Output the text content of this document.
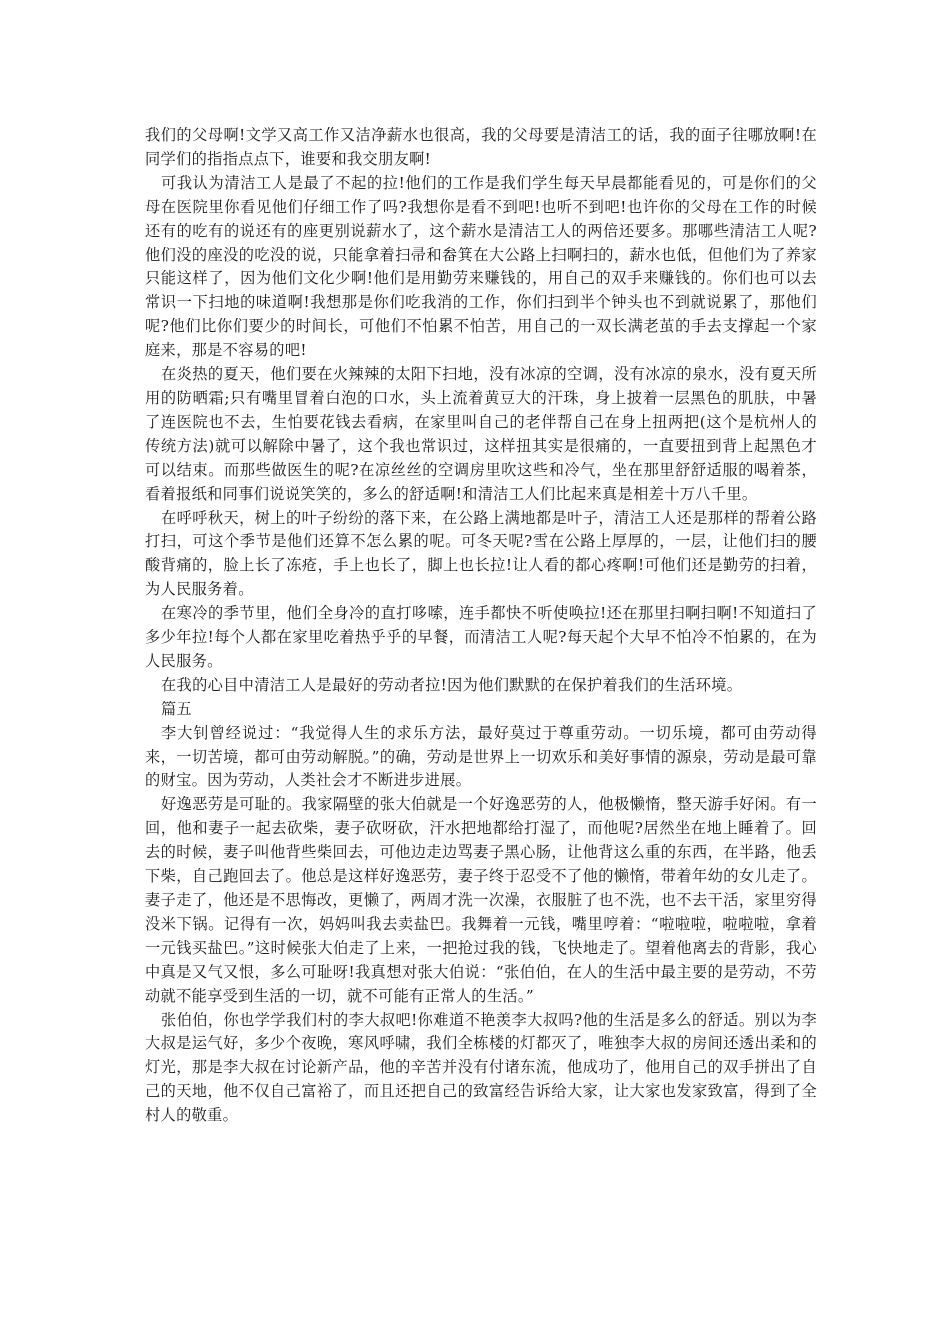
我们的父母啊!文学又高工作又洁净薪水也很高，我的父母要是清洁工的话，我的面子往哪放啊!在同学们的指指点点下，谁要和我交朋友啊!

可我认为清洁工人是最了不起的拉!他们的工作是我们学生每天早晨都能看见的，可是你们的父母在医院里你看见他们仔细工作了吗?我想你是看不到吧!也听不到吧!也许你的父母在工作的时候还有的吃有的说还有的座更别说薪水了，这个薪水是清洁工人的两倍还要多。那哪些清洁工人呢?他们没的座没的吃没的说，只能拿着扫帚和畚箕在大公路上扫啊扫的，薪水也低，但他们为了养家只能这样了，因为他们文化少啊!他们是用勤劳来赚钱的，用自己的双手来赚钱的。你们也可以去常识一下扫地的味道啊!我想那是你们吃我消的工作，你们扫到半个钟头也不到就说累了，那他们呢?他们比你们要少的时间长，可他们不怕累不怕苦，用自己的一双长满老茧的手去支撑起一个家庭来，那是不容易的吧!

在炎热的夏天，他们要在火辣辣的太阳下扫地，没有冰凉的空调，没有冰凉的泉水，没有夏天所用的防晒霜;只有嘴里冒着白泡的口水，头上流着黄豆大的汗珠，身上披着一层黑色的肌肤，中暑了连医院也不去，生怕要花钱去看病，在家里叫自己的老伴帮自己在身上扭两把(这个是杭州人的传统方法)就可以解除中暑了，这个我也常识过，这样扭其实是很痛的，一直要扭到背上起黑色才可以结束。而那些做医生的呢?在凉丝丝的空调房里吹这些和冷气，坐在那里舒舒适服的喝着茶，看着报纸和同事们说说笑笑的，多么的舒适啊!和清洁工人们比起来真是相差十万八千里。

在呼呼秋天，树上的叶子纷纷的落下来，在公路上满地都是叶子，清洁工人还是那样的帮着公路打扫，可这个季节是他们还算不怎么累的呢。可冬天呢?雪在公路上厚厚的，一层，让他们扫的腰酸背痛的，脸上长了冻疮，手上也长了，脚上也长拉!让人看的都心疼啊!可他们还是勤劳的扫着，为人民服务着。

在寒冷的季节里，他们全身冷的直打哆嗦，连手都快不听使唤拉!还在那里扫啊扫啊!不知道扫了多少年拉!每个人都在家里吃着热乎乎的早餐，而清洁工人呢?每天起个大早不怕冷不怕累的，在为人民服务。

在我的心目中清洁工人是最好的劳动者拉!因为他们默默的在保护着我们的生活环境。

篇五

李大钊曾经说过：“我觉得人生的求乐方法，最好莫过于尊重劳动。一切乐境，都可由劳动得来，一切苦境，都可由劳动解脱。”的确，劳动是世界上一切欢乐和美好事情的源泉，劳动是最可靠的财宝。因为劳动，人类社会才不断进步进展。

好逸恶劳是可耻的。我家隔壁的张大伯就是一个好逸恶劳的人，他极懒惰，整天游手好闲。有一回，他和妻子一起去砍柴，妻子砍呀砍，汗水把地都给打湿了，而他呢?居然坐在地上睡着了。回去的时候，妻子叫他背些柴回去，可他边走边骂妻子黑心肠，让他背这么重的东西，在半路，他丢下柴，自己跑回去了。他总是这样好逸恶劳，妻子终于忍受不了他的懒惰，带着年幼的女儿走了。妻子走了，他还是不思悔改，更懒了，两周才洗一次澡，衣服脏了也不洗，也不去干活，家里穷得没米下锅。记得有一次，妈妈叫我去卖盐巴。我舞着一元钱，嘴里哼着：“啦啦啦，啦啦啦，拿着一元钱买盐巴。”这时候张大伯走了上来，一把抢过我的钱，飞快地走了。望着他离去的背影，我心中真是又气又恨，多么可耻呀!我真想对张大伯说：“张伯伯，在人的生活中最主要的是劳动，不劳动就不能享受到生活的一切，就不可能有正常人的生活。”

张伯伯，你也学学我们村的李大叔吧!你难道不艳羡李大叔吗?他的生活是多么的舒适。别以为李大叔是运气好，多少个夜晚，寒风呼啸，我们全栋楼的灯都灭了，唯独李大叔的房间还透出柔和的灯光，那是李大叔在讨论新产品，他的辛苦并没有付诸东流，他成功了，他用自己的双手拼出了自己的天地，他不仅自己富裕了，而且还把自己的致富经告诉给大家，让大家也发家致富，得到了全村人的敬重。
